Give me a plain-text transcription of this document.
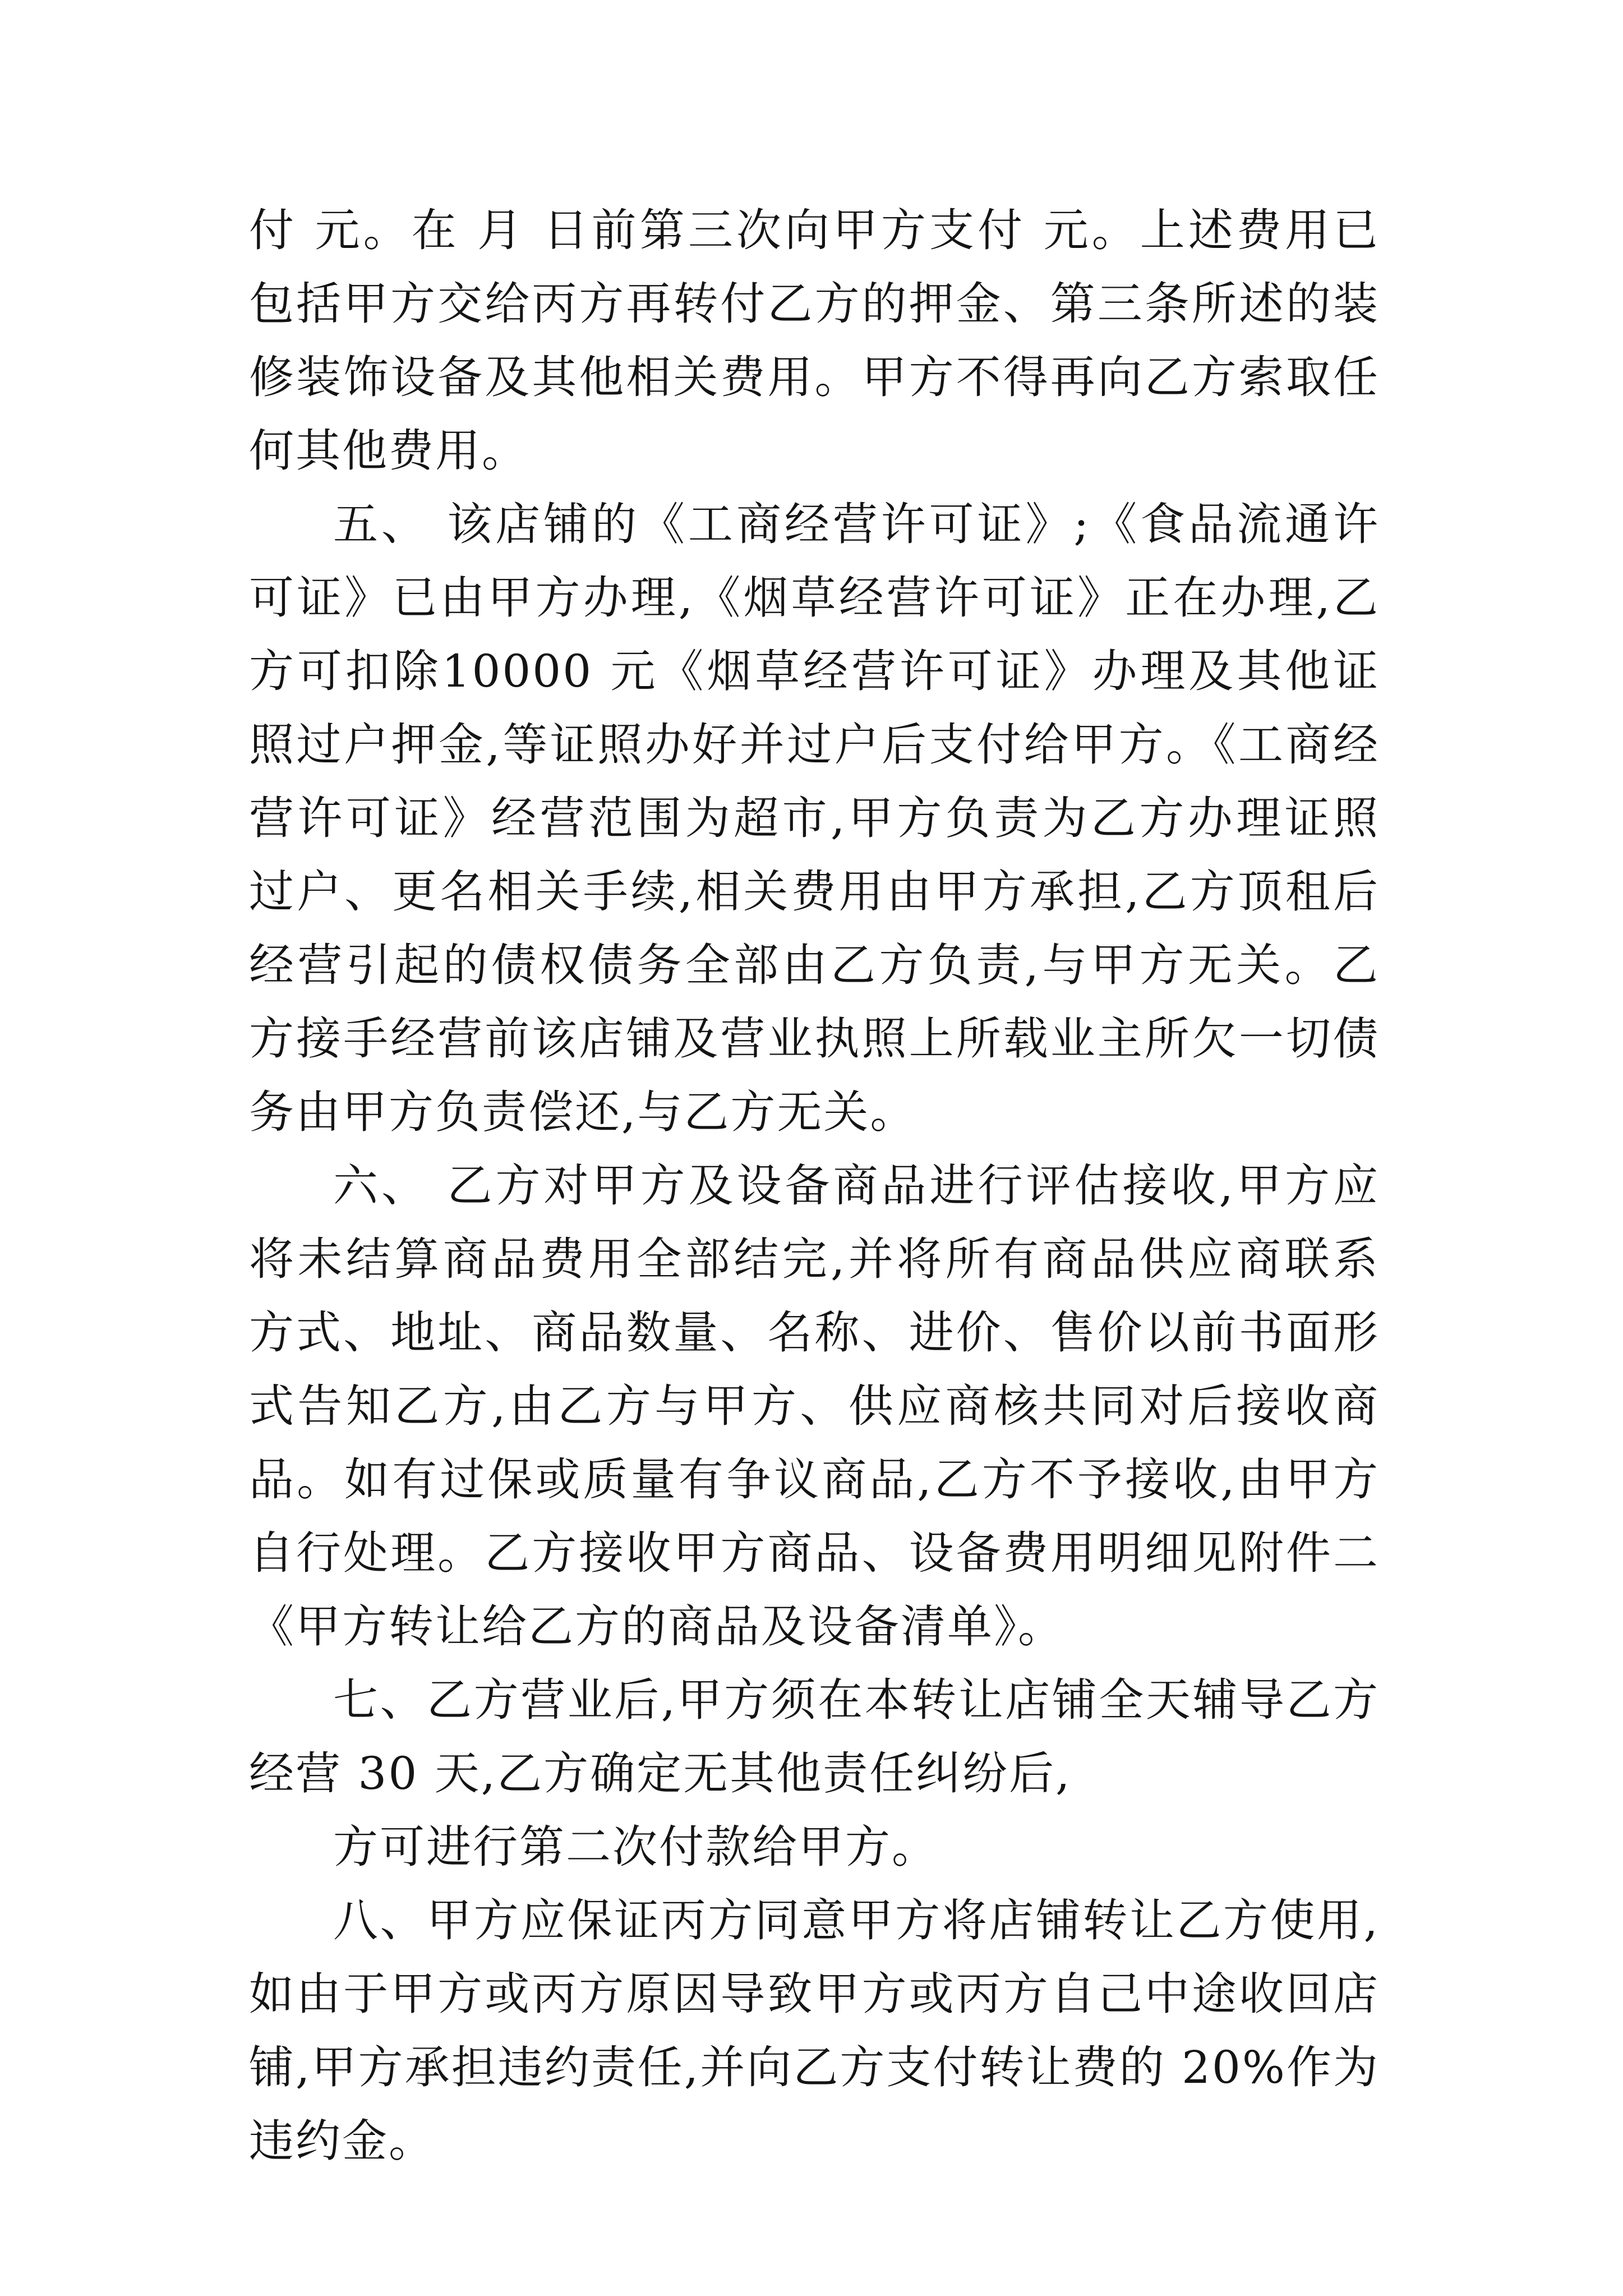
付 元。在 月 日前第三次向甲方支付 元。上述费用已包括甲方交给丙方再转付乙方的押金、第三条所述的装修装饰设备及其他相关费用。甲方不得再向乙方索取任何其他费用。

五、 该店铺的《工商经营许可证》;《食品流通许可证》已由甲方办理,《烟草经营许可证》正在办理,乙方可扣除10000 元《烟草经营许可证》办理及其他证照过户押金,等证照办好并过户后支付给甲方。《工商经营许可证》经营范围为超市,甲方负责为乙方办理证照过户、更名相关手续,相关费用由甲方承担,乙方顶租后经营引起的债权债务全部由乙方负责,与甲方无关。乙方接手经营前该店铺及营业执照上所载业主所欠一切债务由甲方负责偿还,与乙方无关。

六、 乙方对甲方及设备商品进行评估接收,甲方应将未结算商品费用全部结完,并将所有商品供应商联系方式、地址、商品数量、名称、进价、售价以前书面形式告知乙方,由乙方与甲方、供应商核共同对后接收商品。如有过保或质量有争议商品,乙方不予接收,由甲方自行处理。乙方接收甲方商品、设备费用明细见附件二《甲方转让给乙方的商品及设备清单》。

七、乙方营业后,甲方须在本转让店铺全天辅导乙方经营 30 天,乙方确定无其他责任纠纷后,

方可进行第二次付款给甲方。

八、甲方应保证丙方同意甲方将店铺转让乙方使用,如由于甲方或丙方原因导致甲方或丙方自己中途收回店铺,甲方承担违约责任,并向乙方支付转让费的 20%作为违约金。
